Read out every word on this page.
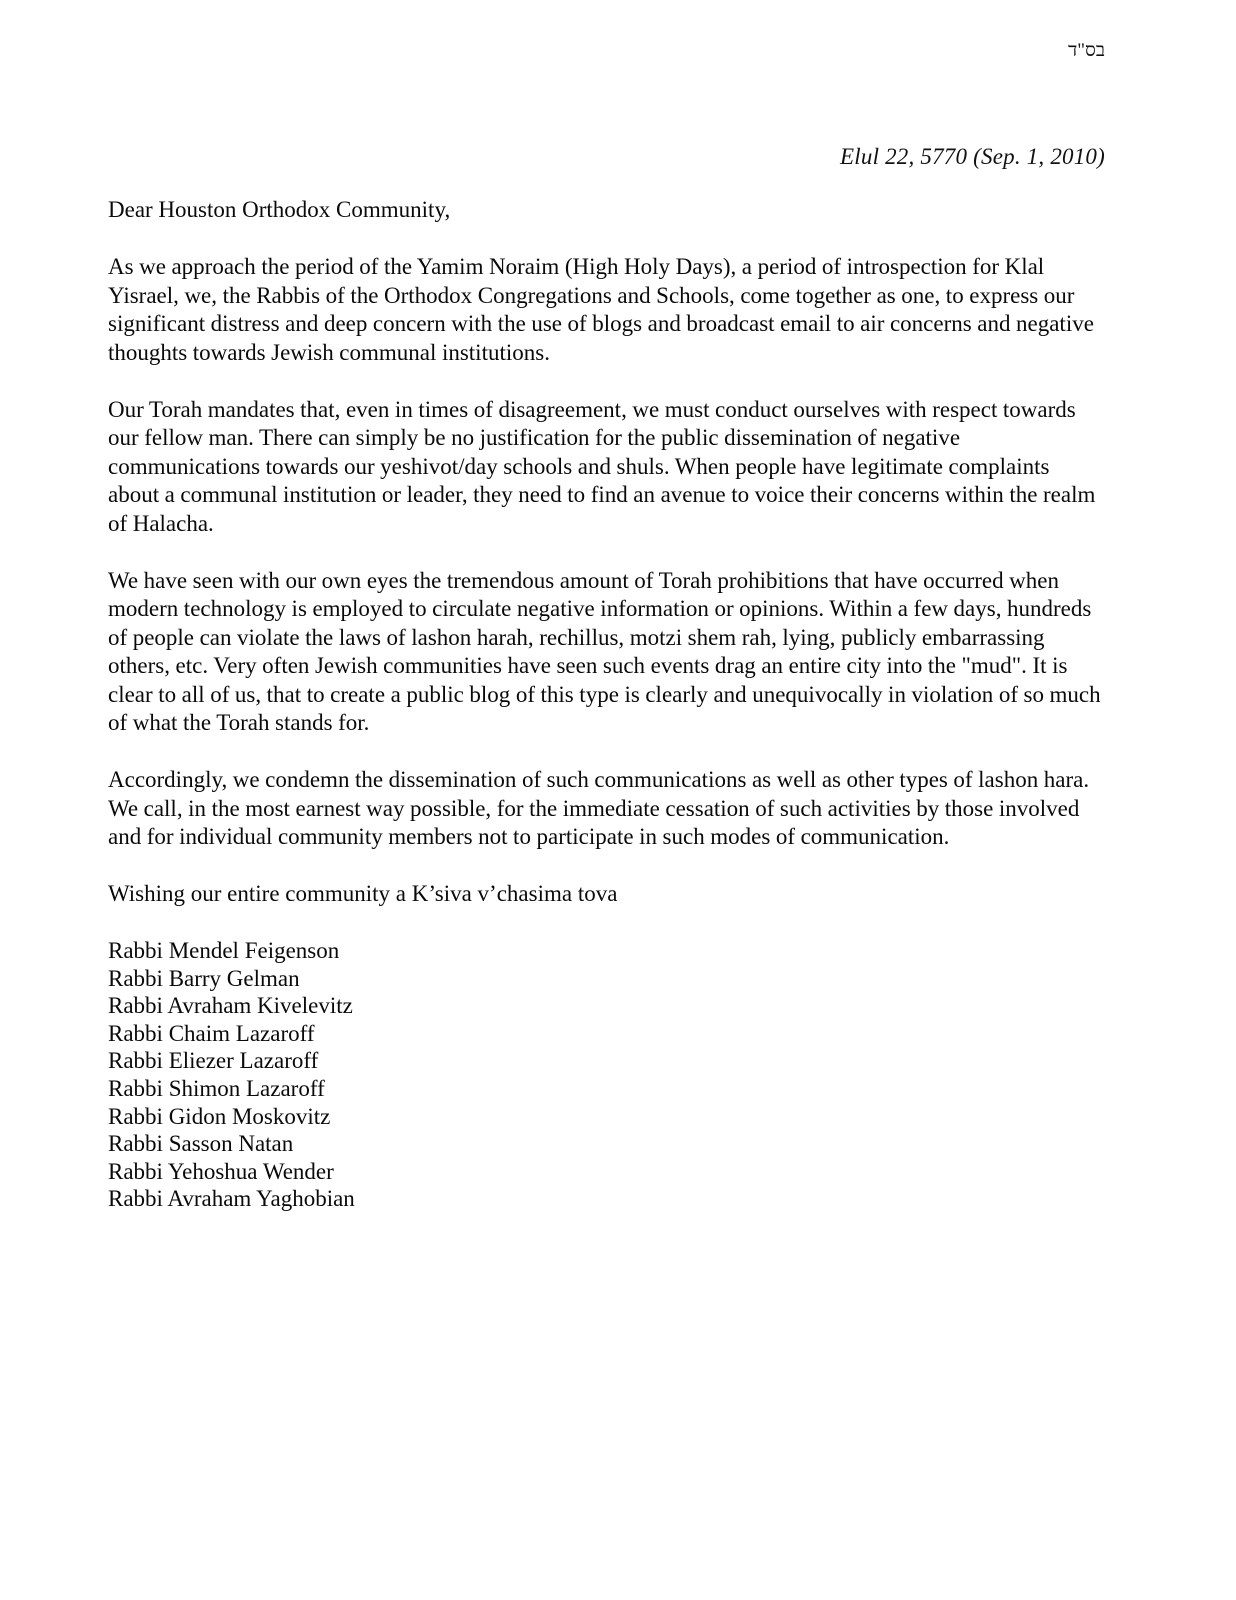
בס"ד
Elul 22, 5770 (Sep. 1, 2010)

Dear Houston Orthodox Community,

As we approach the period of the Yamim Noraim (High Holy Days), a period of introspection for Klal Yisrael, we, the Rabbis of the Orthodox Congregations and Schools, come together as one, to express our significant distress and deep concern with the use of blogs and broadcast email to air concerns and negative thoughts towards Jewish communal institutions.

Our Torah mandates that, even in times of disagreement, we must conduct ourselves with respect towards our fellow man. There can simply be no justification for the public dissemination of negative communications towards our yeshivot/day schools and shuls. When people have legitimate complaints about a communal institution or leader, they need to find an avenue to voice their concerns within the realm of Halacha.

We have seen with our own eyes the tremendous amount of Torah prohibitions that have occurred when modern technology is employed to circulate negative information or opinions. Within a few days, hundreds of people can violate the laws of lashon harah, rechillus, motzi shem rah, lying, publicly embarrassing others, etc. Very often Jewish communities have seen such events drag an entire city into the "mud". It is clear to all of us, that to create a public blog of this type is clearly and unequivocally in violation of so much of what the Torah stands for.

Accordingly, we condemn the dissemination of such communications as well as other types of lashon hara.  We call, in the most earnest way possible, for the immediate cessation of such activities by those involved and for individual community members not to participate in such modes of communication.

Wishing our entire community a K’siva v’chasima tova

Rabbi Mendel Feigenson
Rabbi Barry Gelman
Rabbi Avraham Kivelevitz
Rabbi Chaim Lazaroff
Rabbi Eliezer Lazaroff
Rabbi Shimon Lazaroff
Rabbi Gidon Moskovitz
Rabbi Sasson Natan
Rabbi Yehoshua Wender
Rabbi Avraham Yaghobian
